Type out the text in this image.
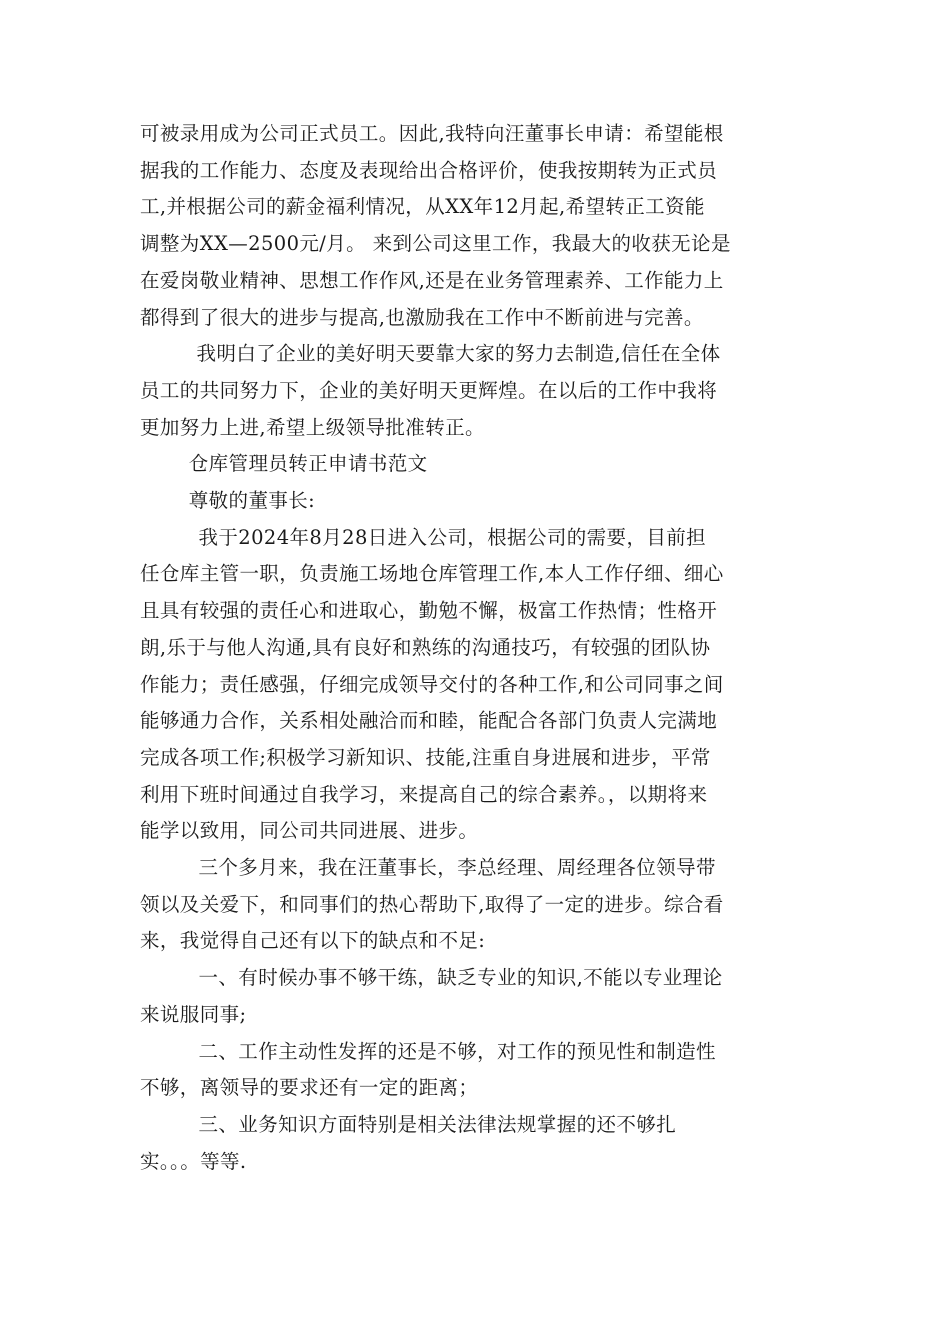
可被录用成为公司正式员工。因此,我特向汪董事长申请：希望能根
据我的工作能力、态度及表现给出合格评价，使我按期转为正式员
工,并根据公司的薪金福利情况，从XX年12月起,希望转正工资能
调整为XX—2500元/月。 来到公司这里工作，我最大的收获无论是
在爱岗敬业精神、思想工作作风,还是在业务管理素养、工作能力上
都得到了很大的进步与提高,也激励我在工作中不断前进与完善。
我明白了企业的美好明天要靠大家的努力去制造,信任在全体
员工的共同努力下，企业的美好明天更辉煌。在以后的工作中我将
更加努力上进,希望上级领导批准转正。
仓库管理员转正申请书范文
尊敬的董事长:
我于2024年8月28日进入公司，根据公司的需要，目前担
任仓库主管一职，负责施工场地仓库管理工作,本人工作仔细、细心
且具有较强的责任心和进取心，勤勉不懈，极富工作热情；性格开
朗,乐于与他人沟通,具有良好和熟练的沟通技巧，有较强的团队协
作能力；责任感强，仔细完成领导交付的各种工作,和公司同事之间
能够通力合作，关系相处融洽而和睦，能配合各部门负责人完满地
完成各项工作;积极学习新知识、技能,注重自身进展和进步，平常
利用下班时间通过自我学习，来提高自己的综合素养。，以期将来
能学以致用，同公司共同进展、进步。
三个多月来，我在汪董事长，李总经理、周经理各位领导带
领以及关爱下，和同事们的热心帮助下,取得了一定的进步。综合看
来，我觉得自己还有以下的缺点和不足:
一、有时候办事不够干练，缺乏专业的知识,不能以专业理论
来说服同事;
二、工作主动性发挥的还是不够，对工作的预见性和制造性
不够，离领导的要求还有一定的距离；
三、业务知识方面特别是相关法律法规掌握的还不够扎
实。。。等等.
